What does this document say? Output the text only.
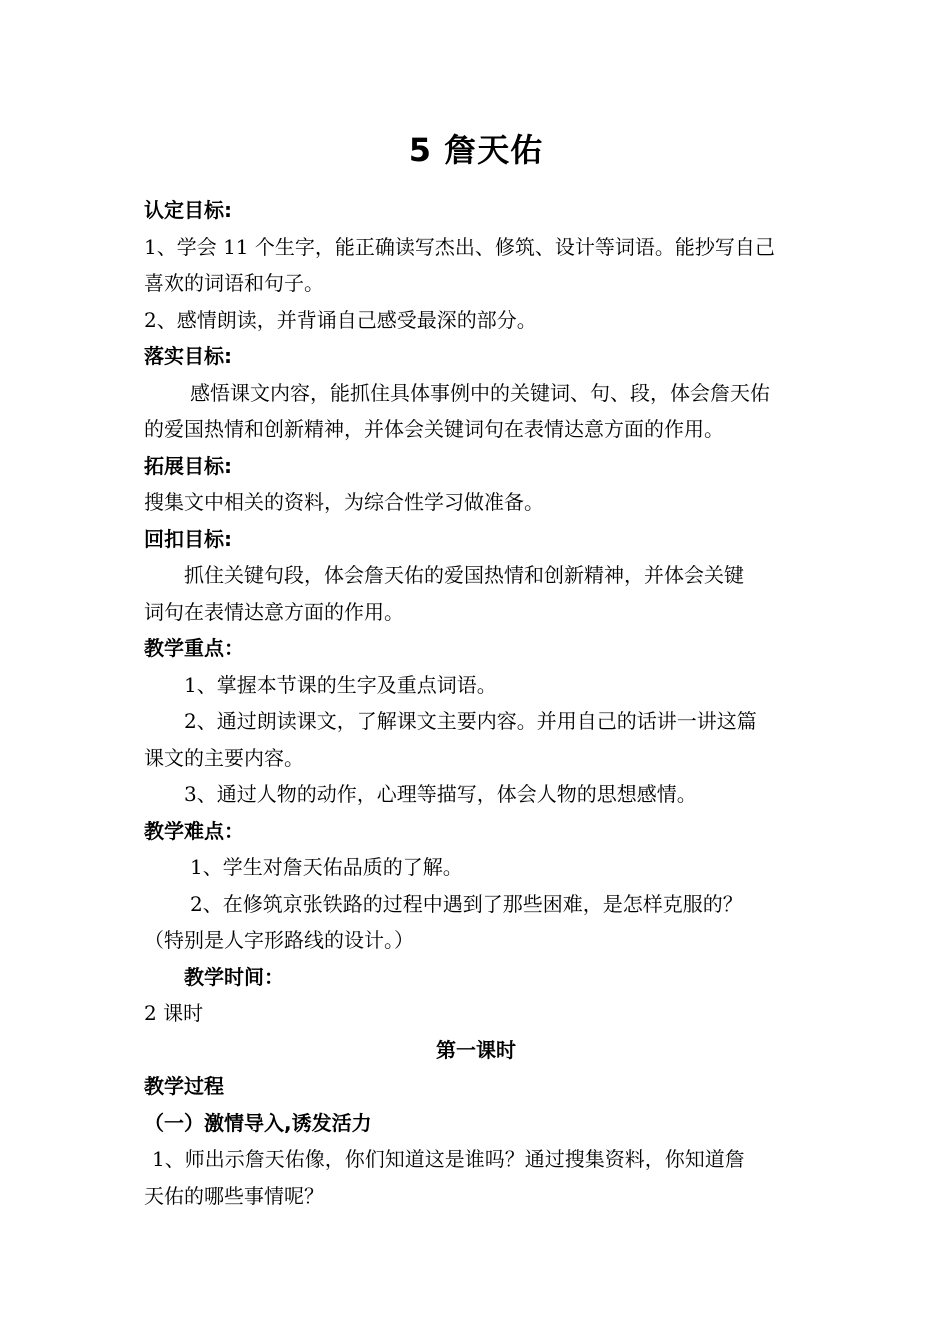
5 詹天佑
认定目标:
1、学会 11 个生字，能正确读写杰出、修筑、设计等词语。能抄写自己
喜欢的词语和句子。
2、感情朗读，并背诵自己感受最深的部分。
落实目标:
感悟课文内容，能抓住具体事例中的关键词、句、段，体会詹天佑
的爱国热情和创新精神，并体会关键词句在表情达意方面的作用。
拓展目标:
搜集文中相关的资料，为综合性学习做准备。
回扣目标:
抓住关键句段，体会詹天佑的爱国热情和创新精神，并体会关键
词句在表情达意方面的作用。
教学重点：
1、掌握本节课的生字及重点词语。
2、通过朗读课文，了解课文主要内容。并用自己的话讲一讲这篇
课文的主要内容。
3、通过人物的动作，心理等描写，体会人物的思想感情。
教学难点：
1、学生对詹天佑品质的了解。
2、在修筑京张铁路的过程中遇到了那些困难，是怎样克服的？
（特别是人字形路线的设计。）
教学时间：
2 课时
第一课时
教学过程
（一）激情导入,诱发活力
1、师出示詹天佑像，你们知道这是谁吗？通过搜集资料，你知道詹
天佑的哪些事情呢？
